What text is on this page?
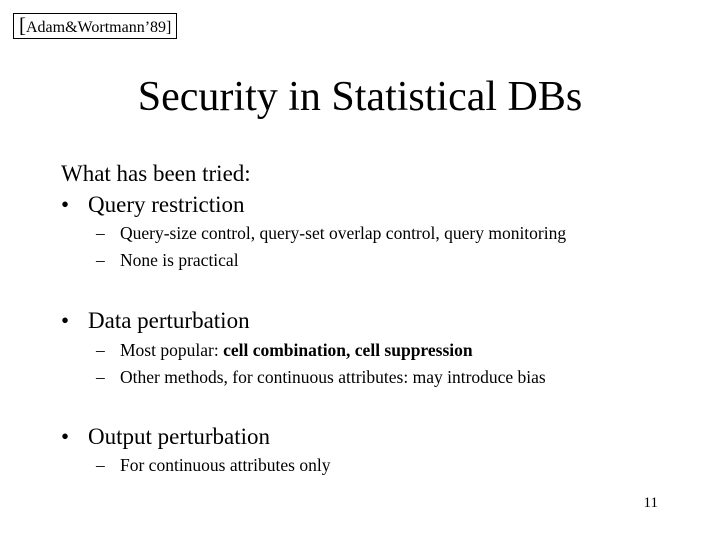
[Adam&Wortmann’89]
Security in Statistical DBs
What has been tried:
• Query restriction
– Query-size control, query-set overlap control, query monitoring
– None is practical
• Data perturbation
– Most popular: cell combination, cell suppression
– Other methods, for continuous attributes: may introduce bias
• Output perturbation
– For continuous attributes only
11
